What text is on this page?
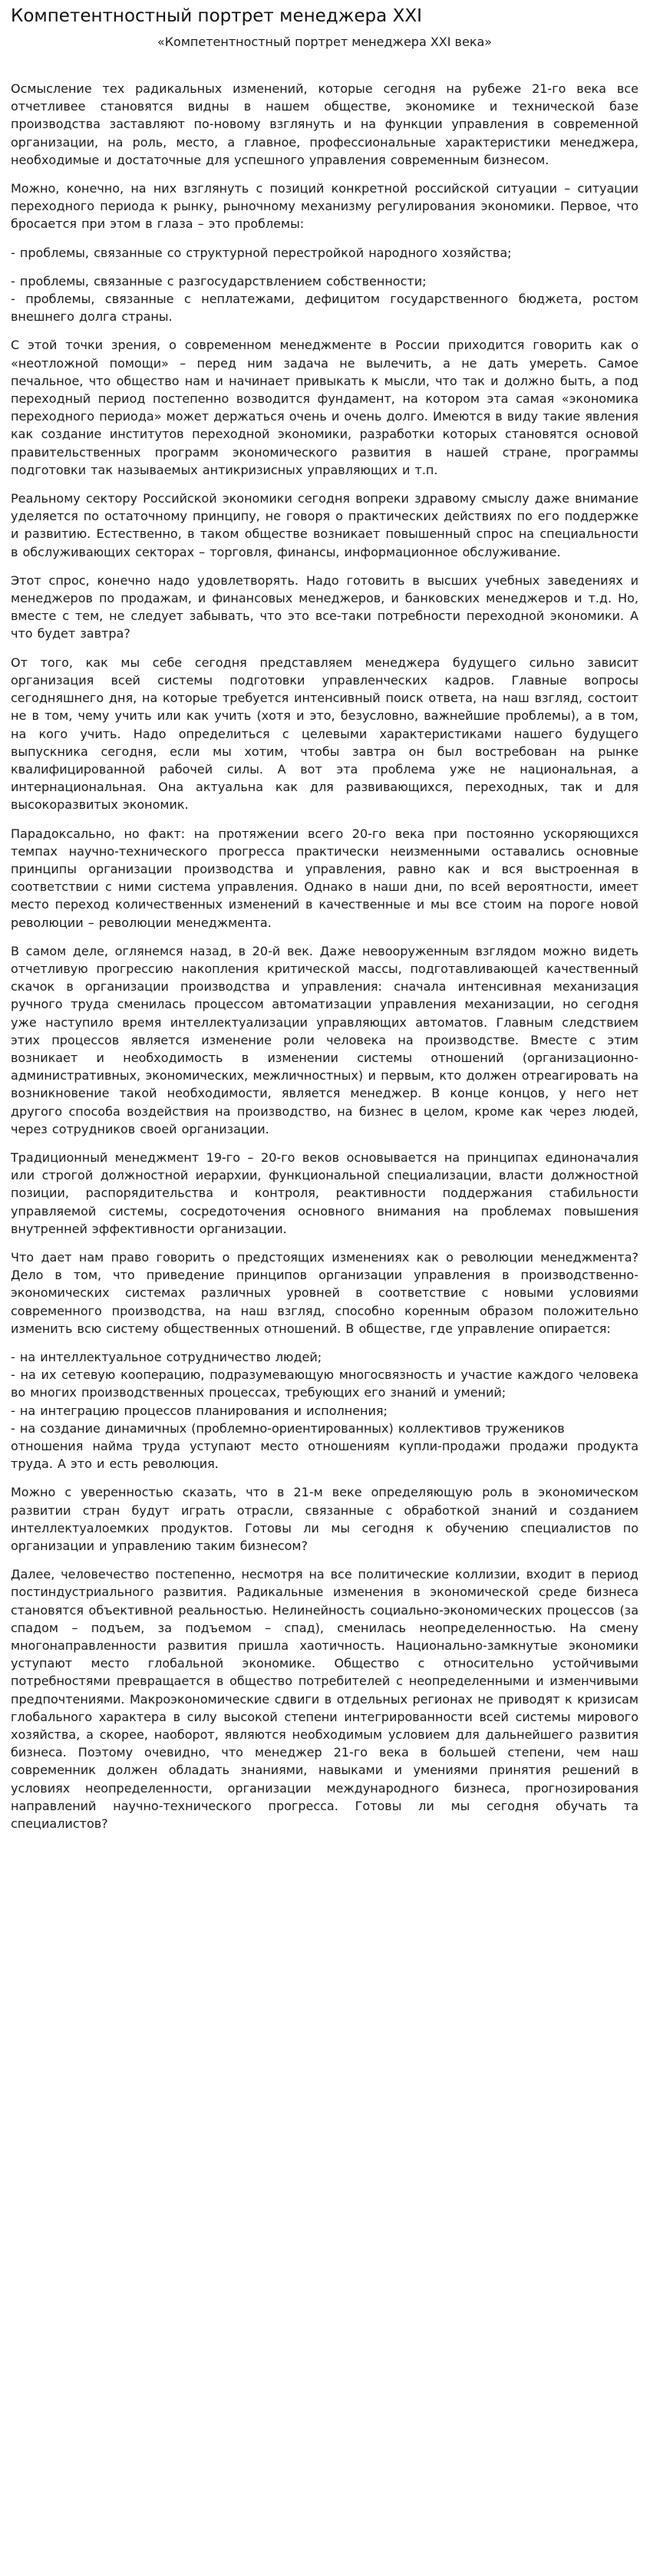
Компетентностный портрет менеджера XXI
«Компетентностный портрет менеджера XXI века»

Осмысление тех радикальных изменений, которые сегодня на рубеже 21-го века все отчетливее становятся видны в нашем обществе, экономике и технической базе производства заставляют по-новому взглянуть и на функции управления в современной организации, на роль, место, а главное, профессиональные характеристики менеджера, необходимые и достаточные для успешного управления современным бизнесом.

Можно, конечно, на них взглянуть с позиций конкретной российской ситуации – ситуации переходного периода к рынку, рыночному механизму регулирования экономики. Первое, что бросается при этом в глаза – это проблемы:

- проблемы, связанные со структурной перестройкой народного хозяйства;

- проблемы, связанные с разгосударствлением собственности;
- проблемы, связанные с неплатежами, дефицитом государственного бюджета, ростом внешнего долга страны.

С этой точки зрения, о современном менеджменте в России приходится говорить как о «неотложной помощи» – перед ним задача не вылечить, а не дать умереть. Самое печальное, что общество нам и начинает привыкать к мысли, что так и должно быть, а под переходный период постепенно возводится фундамент, на котором эта самая «экономика переходного периода» может держаться очень и очень долго. Имеются в виду такие явления как создание институтов переходной экономики, разработки которых становятся основой правительственных программ экономического развития в нашей стране, программы подготовки так называемых антикризисных управляющих и т.п.

Реальному сектору Российской экономики сегодня вопреки здравому смыслу даже внимание уделяется по остаточному принципу, не говоря о практических действиях по его поддержке и развитию. Естественно, в таком обществе возникает повышенный спрос на специальности в обслуживающих секторах – торговля, финансы, информационное обслуживание.

Этот спрос, конечно надо удовлетворять. Надо готовить в высших учебных заведениях и менеджеров по продажам, и финансовых менеджеров, и банковских менеджеров и т.д. Но, вместе с тем, не следует забывать, что это все-таки потребности переходной экономики. А что будет завтра?

От того, как мы себе сегодня представляем менеджера будущего сильно зависит организация всей системы подготовки управленческих кадров. Главные вопросы сегодняшнего дня, на которые требуется интенсивный поиск ответа, на наш взгляд, состоит не в том, чему учить или как учить (хотя и это, безусловно, важнейшие проблемы), а в том, на кого учить. Надо определиться с целевыми характеристиками нашего будущего выпускника сегодня, если мы хотим, чтобы завтра он был востребован на рынке квалифицированной рабочей силы. А вот эта проблема уже не национальная, а интернациональная. Она актуальна как для развивающихся, переходных, так и для высокоразвитых экономик.

Парадоксально, но факт: на протяжении всего 20-го века при постоянно ускоряющихся темпах научно-технического прогресса практически неизменными оставались основные принципы организации производства и управления, равно как и вся выстроенная в соответствии с ними система управления. Однако в наши дни, по всей вероятности, имеет место переход количественных изменений в качественные и мы все стоим на пороге новой революции – революции менеджмента.

В самом деле, оглянемся назад, в 20-й век. Даже невооруженным взглядом можно видеть отчетливую прогрессию накопления критической массы, подготавливающей качественный скачок в организации производства и управления: сначала интенсивная механизация ручного труда сменилась процессом автоматизации управления механизации, но сегодня уже наступило время интеллектуализации управляющих автоматов. Главным следствием этих процессов является изменение роли человека на производстве. Вместе с этим возникает и необходимость в изменении системы отношений (организационно-административных, экономических, межличностных) и первым, кто должен отреагировать на возникновение такой необходимости, является менеджер. В конце концов, у него нет другого способа воздействия на производство, на бизнес в целом, кроме как через людей, через сотрудников своей организации.

Традиционный менеджмент 19-го – 20-го веков основывается на принципах единоначалия или строгой должностной иерархии, функциональной специализации, власти должностной позиции, распорядительства и контроля, реактивности поддержания стабильности управляемой системы, сосредоточения основного внимания на проблемах повышения внутренней эффективности организации.

Что дает нам право говорить о предстоящих изменениях как о революции менеджмента? Дело в том, что приведение принципов организации управления в производственно-экономических системах различных уровней в соответствие с новыми условиями современного производства, на наш взгляд, способно коренным образом положительно изменить всю систему общественных отношений. В обществе, где управление опирается:

- на интеллектуальное сотрудничество людей;
- на их сетевую кооперацию, подразумевающую многосвязность и участие каждого человека во многих производственных процессах, требующих его знаний и умений;
- на интеграцию процессов планирования и исполнения;
- на создание динамичных (проблемно-ориентированных) коллективов тружеников
отношения найма труда уступают место отношениям купли-продажи продажи продукта труда. А это и есть революция.

Можно с уверенностью сказать, что в 21-м веке определяющую роль в экономическом развитии стран будут играть отрасли, связанные с обработкой знаний и созданием интеллектуалоемких продуктов. Готовы ли мы сегодня к обучению специалистов по организации и управлению таким бизнесом?

Далее, человечество постепенно, несмотря на все политические коллизии, входит в период постиндустриального развития. Радикальные изменения в экономической среде бизнеса становятся объективной реальностью. Нелинейность социально-экономических процессов (за спадом – подъем, за подъемом – спад), сменилась неопределенностью. На смену многонаправленности развития пришла хаотичность. Национально-замкнутые экономики уступают место глобальной экономике. Общество с относительно устойчивыми потребностями превращается в общество потребителей с неопределенными и изменчивыми предпочтениями. Макроэкономические сдвиги в отдельных регионах не приводят к кризисам глобального характера в силу высокой степени интегрированности всей системы мирового хозяйства, а скорее, наоборот, являются необходимым условием для дальнейшего развития бизнеса. Поэтому очевидно, что менеджер 21-го века в большей степени, чем наш современник должен обладать знаниями, навыками и умениями принятия решений в условиях неопределенности, организации международного бизнеса, прогнозирования направлений научно-технического прогресса. Готовы ли мы сегодня обучать та специалистов?
